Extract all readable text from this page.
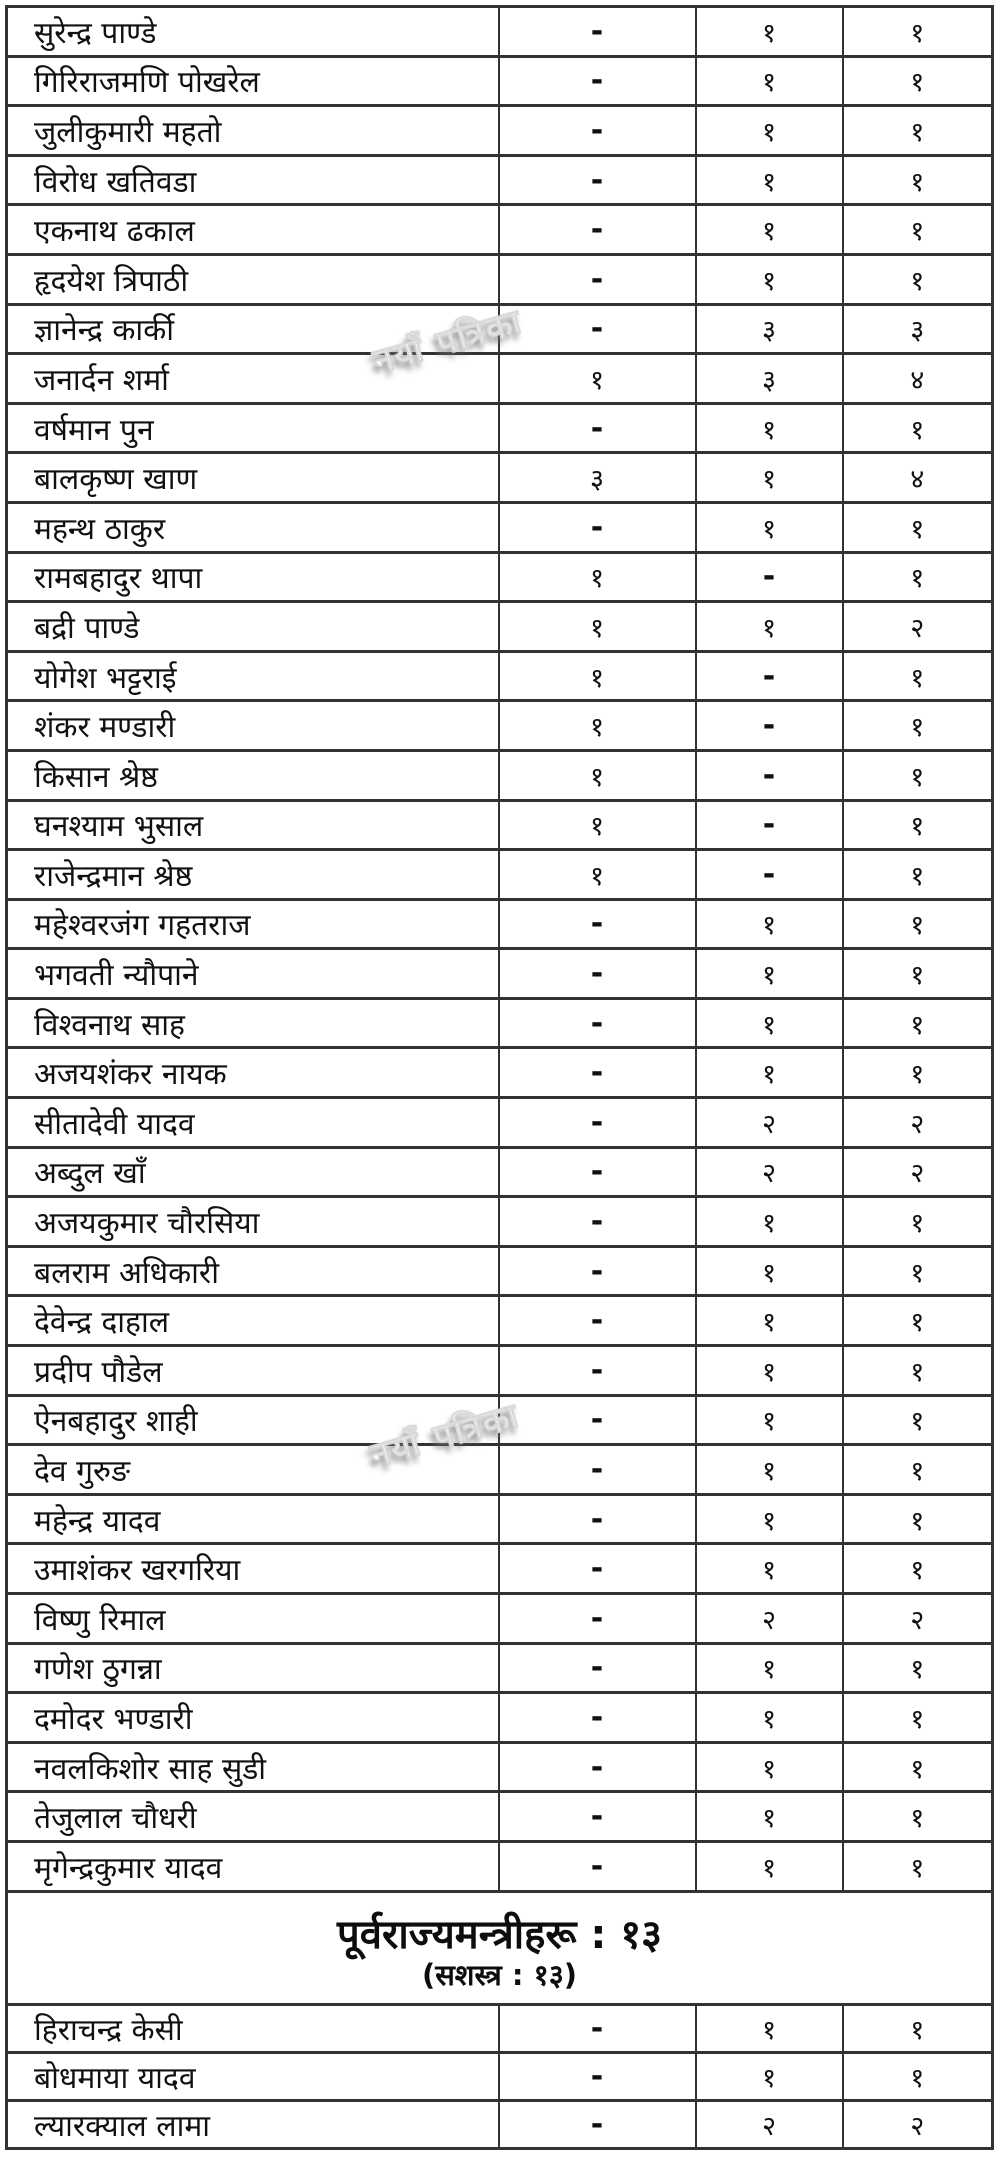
सुरेन्द्र पाण्डे	-	१	१
गिरिराजमणि पोखरेल	-	१	१
जुलीकुमारी महतो	-	१	१
विरोध खतिवडा	-	१	१
एकनाथ ढकाल	-	१	१
हृदयेश त्रिपाठी	-	१	१
ज्ञानेन्द्र कार्की	-	३	३
जनार्दन शर्मा	१	३	४
वर्षमान पुन	-	१	१
बालकृष्ण खाण	३	१	४
महन्थ ठाकुर	-	१	१
रामबहादुर थापा	१	-	१
बद्री पाण्डे	१	१	२
योगेश भट्टराई	१	-	१
शंकर मण्डारी	१	-	१
किसान श्रेष्ठ	१	-	१
घनश्याम भुसाल	१	-	१
राजेन्द्रमान श्रेष्ठ	१	-	१
महेश्वरजंग गहतराज	-	१	१
भगवती न्यौपाने	-	१	१
विश्वनाथ साह	-	१	१
अजयशंकर नायक	-	१	१
सीतादेवी यादव	-	२	२
अब्दुल खाँ	-	२	२
अजयकुमार चौरसिया	-	१	१
बलराम अधिकारी	-	१	१
देवेन्द्र दाहाल	-	१	१
प्रदीप पौडेल	-	१	१
ऐनबहादुर शाही	-	१	१
देव गुरुङ	-	१	१
महेन्द्र यादव	-	१	१
उमाशंकर खरगरिया	-	१	१
विष्णु रिमाल	-	२	२
गणेश ठुगन्ना	-	१	१
दमोदर भण्डारी	-	१	१
नवलकिशोर साह सुडी	-	१	१
तेजुलाल चौधरी	-	१	१
मृगेन्द्रकुमार यादव	-	१	१

पूर्वराज्यमन्त्रीहरू : १३
(सशस्त्र : १३)			

हिराचन्द्र केसी	-	१	१
बोधमाया यादव	-	१	१
ल्यारक्याल लामा	-	२	२
नयाँ पत्रिका
नयाँ पत्रिका
